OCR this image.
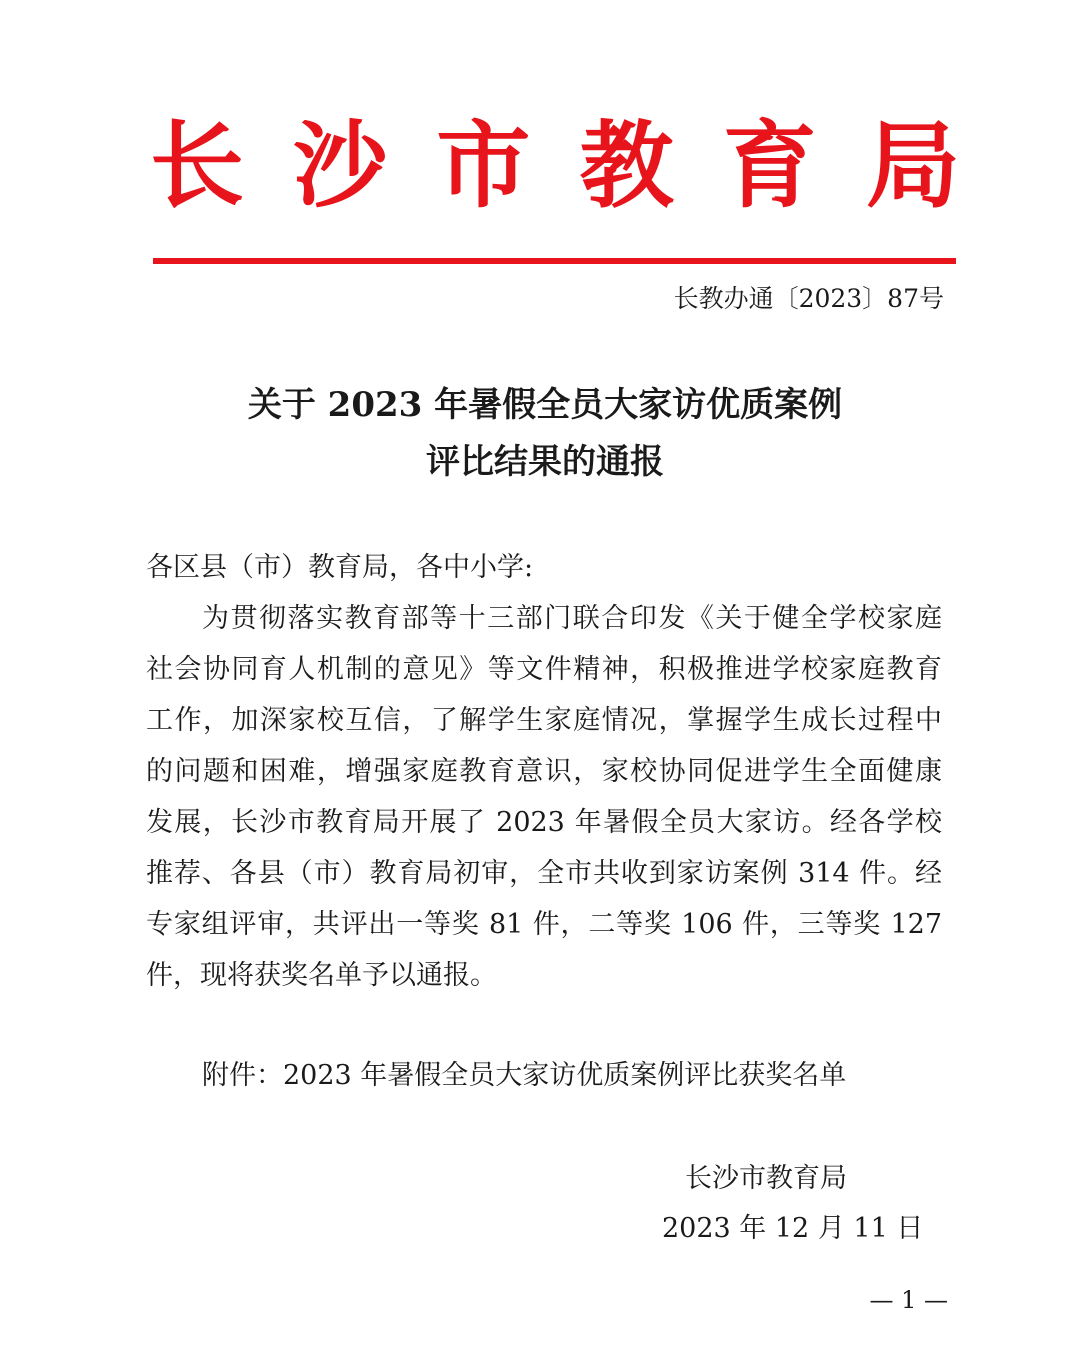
长 沙 市 教 育 局
长教办通〔2023〕87号
关于 2023 年暑假全员大家访优质案例
评比结果的通报
各区县（市）教育局，各中小学:
为贯彻落实教育部等十三部门联合印发《关于健全学校家庭
社会协同育人机制的意见》等文件精神，积极推进学校家庭教育
工作，加深家校互信，了解学生家庭情况，掌握学生成长过程中
的问题和困难，增强家庭教育意识，家校协同促进学生全面健康
发展，长沙市教育局开展了 2023 年暑假全员大家访。经各学校
推荐、各县（市）教育局初审，全市共收到家访案例 314 件。经
专家组评审，共评出一等奖 81 件，二等奖 106 件，三等奖 127
件，现将获奖名单予以通报。
附件：2023 年暑假全员大家访优质案例评比获奖名单
长沙市教育局
2023 年 12 月 11 日
— 1 —
